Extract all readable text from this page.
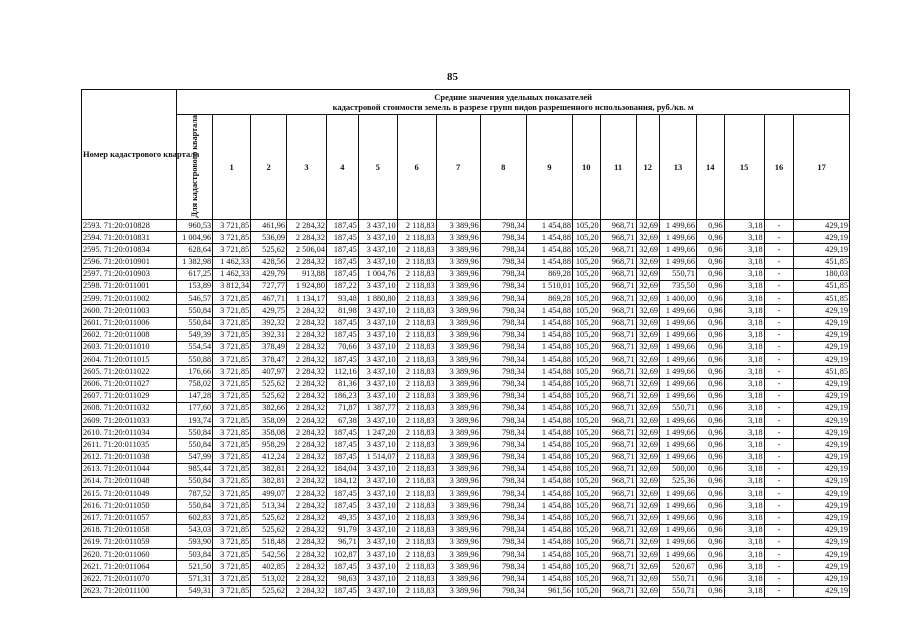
85
Номер кадастрового квартала	Средние значения удельных показателей
кадастровой стоимости земель в разрезе групп видов разрешенного использования, руб./кв. м																	

	Для кадастрового квартала	1	2	3	4	5	6	7	8	9	10	11	12	13	14	15	16	17
2593. 71:20:010828	960,53	3 721,85	461,96	2 284,32	187,45	3 437,10	2 118,83	3 389,96	798,34	1 454,88	105,20	968,71	32,69	1 499,66	0,96	3,18	-	429,19
2594. 71:20:010831	1 004,96	3 721,85	536,09	2 284,32	187,45	3 437,10	2 118,83	3 389,96	798,34	1 454,88	105,20	968,71	32,69	1 499,66	0,96	3,18	-	429,19
2595. 71:20:010834	628,64	3 721,85	525,62	2 506,04	187,45	3 437,10	2 118,83	3 389,96	798,34	1 454,88	105,20	968,71	32,69	1 499,66	0,96	3,18	-	429,19
2596. 71:20:010901	1 382,98	1 462,33	428,56	2 284,32	187,45	3 437,10	2 118,83	3 389,96	798,34	1 454,88	105,20	968,71	32,69	1 499,66	0,96	3,18	-	451,85
2597. 71:20:010903	617,25	1 462,33	429,79	913,88	187,45	1 004,76	2 118,83	3 389,96	798,34	869,28	105,20	968,71	32,69	550,71	0,96	3,18	-	180,03
2598. 71:20:011001	153,89	3 812,34	727,77	1 924,80	187,22	3 437,10	2 118,83	3 389,96	798,34	1 510,01	105,20	968,71	32,69	735,50	0,96	3,18	-	451,85
2599. 71:20:011002	546,57	3 721,85	467,71	1 134,17	93,48	1 880,80	2 118,83	3 389,96	798,34	869,28	105,20	968,71	32,69	1 400,00	0,96	3,18	-	451,85
2600. 71:20:011003	550,84	3 721,85	429,75	2 284,32	81,98	3 437,10	2 118,83	3 389,96	798,34	1 454,88	105,20	968,71	32,69	1 499,66	0,96	3,18	-	429,19
2601. 71:20:011006	550,84	3 721,85	392,32	2 284,32	187,45	3 437,10	2 118,83	3 389,96	798,34	1 454,88	105,20	968,71	32,69	1 499,66	0,96	3,18	-	429,19
2602. 71:20:011008	549,39	3 721,85	392,31	2 284,32	187,45	3 437,10	2 118,83	3 389,96	798,34	1 454,88	105,20	968,71	32,69	1 499,66	0,96	3,18	-	429,19
2603. 71:20:011010	554,54	3 721,85	378,49	2 284,32	70,66	3 437,10	2 118,83	3 389,96	798,34	1 454,88	105,20	968,71	32,69	1 499,66	0,96	3,18	-	429,19
2604. 71:20:011015	550,88	3 721,85	378,47	2 284,32	187,45	3 437,10	2 118,83	3 389,96	798,34	1 454,88	105,20	968,71	32,69	1 499,66	0,96	3,18	-	429,19
2605. 71:20:011022	176,66	3 721,85	407,97	2 284,32	112,16	3 437,10	2 118,83	3 389,96	798,34	1 454,88	105,20	968,71	32,69	1 499,66	0,96	3,18	-	451,85
2606. 71:20:011027	758,02	3 721,85	525,62	2 284,32	81,36	3 437,10	2 118,83	3 389,96	798,34	1 454,88	105,20	968,71	32,69	1 499,66	0,96	3,18	-	429,19
2607. 71:20:011029	147,28	3 721,85	525,62	2 284,32	186,23	3 437,10	2 118,83	3 389,96	798,34	1 454,88	105,20	968,71	32,69	1 499,66	0,96	3,18	-	429,19
2608. 71:20:011032	177,60	3 721,85	382,66	2 284,32	71,87	1 387,77	2 118,83	3 389,96	798,34	1 454,88	105,20	968,71	32,69	550,71	0,96	3,18	-	429,19
2609. 71:20:011033	193,74	3 721,85	358,09	2 284,32	67,38	3 437,10	2 118,83	3 389,96	798,34	1 454,88	105,20	968,71	32,69	1 499,66	0,96	3,18	-	429,19
2610. 71:20:011034	550,84	3 721,85	358,08	2 284,32	187,45	1 247,20	2 118,83	3 389,96	798,34	1 454,88	105,20	968,71	32,69	1 499,66	0,96	3,18	-	429,19
2611. 71:20:011035	550,84	3 721,85	958,29	2 284,32	187,45	3 437,10	2 118,83	3 389,96	798,34	1 454,88	105,20	968,71	32,69	1 499,66	0,96	3,18	-	429,19
2612. 71:20:011038	547,99	3 721,85	412,24	2 284,32	187,45	1 514,07	2 118,83	3 389,96	798,34	1 454,88	105,20	968,71	32,69	1 499,66	0,96	3,18	-	429,19
2613. 71:20:011044	985,44	3 721,85	382,81	2 284,32	184,04	3 437,10	2 118,83	3 389,96	798,34	1 454,88	105,20	968,71	32,69	500,00	0,96	3,18	-	429,19
2614. 71:20:011048	550,84	3 721,85	382,81	2 284,32	184,12	3 437,10	2 118,83	3 389,96	798,34	1 454,88	105,20	968,71	32,69	525,36	0,96	3,18	-	429,19
2615. 71:20:011049	787,52	3 721,85	499,07	2 284,32	187,45	3 437,10	2 118,83	3 389,96	798,34	1 454,88	105,20	968,71	32,69	1 499,66	0,96	3,18	-	429,19
2616. 71:20:011050	550,84	3 721,85	513,34	2 284,32	187,45	3 437,10	2 118,83	3 389,96	798,34	1 454,88	105,20	968,71	32,69	1 499,66	0,96	3,18	-	429,19
2617. 71:20:011057	602,83	3 721,85	525,62	2 284,32	49,35	3 437,10	2 118,83	3 389,96	798,34	1 454,88	105,20	968,71	32,69	1 499,66	0,96	3,18	-	429,19
2618. 71:20:011058	543,03	3 721,85	525,62	2 284,32	91,79	3 437,10	2 118,83	3 389,96	798,34	1 454,88	105,20	968,71	32,69	1 499,66	0,96	3,18	-	429,19
2619. 71:20:011059	593,90	3 721,85	518,48	2 284,32	96,71	3 437,10	2 118,83	3 389,96	798,34	1 454,88	105,20	968,71	32,69	1 499,66	0,96	3,18	-	429,19
2620. 71:20:011060	503,84	3 721,85	542,56	2 284,32	102,87	3 437,10	2 118,83	3 389,96	798,34	1 454,88	105,20	968,71	32,69	1 499,66	0,96	3,18	-	429,19
2621. 71:20:011064	521,50	3 721,85	402,85	2 284,32	187,45	3 437,10	2 118,83	3 389,96	798,34	1 454,88	105,20	968,71	32,69	520,67	0,96	3,18	-	429,19
2622. 71:20:011070	571,31	3 721,85	513,02	2 284,32	98,63	3 437,10	2 118,83	3 389,96	798,34	1 454,88	105,20	968,71	32,69	550,71	0,96	3,18	-	429,19
2623. 71:20:011100	549,31	3 721,85	525,62	2 284,32	187,45	3 437,10	2 118,83	3 389,96	798,34	961,56	105,20	968,71	32,69	550,71	0,96	3,18	-	429,19
